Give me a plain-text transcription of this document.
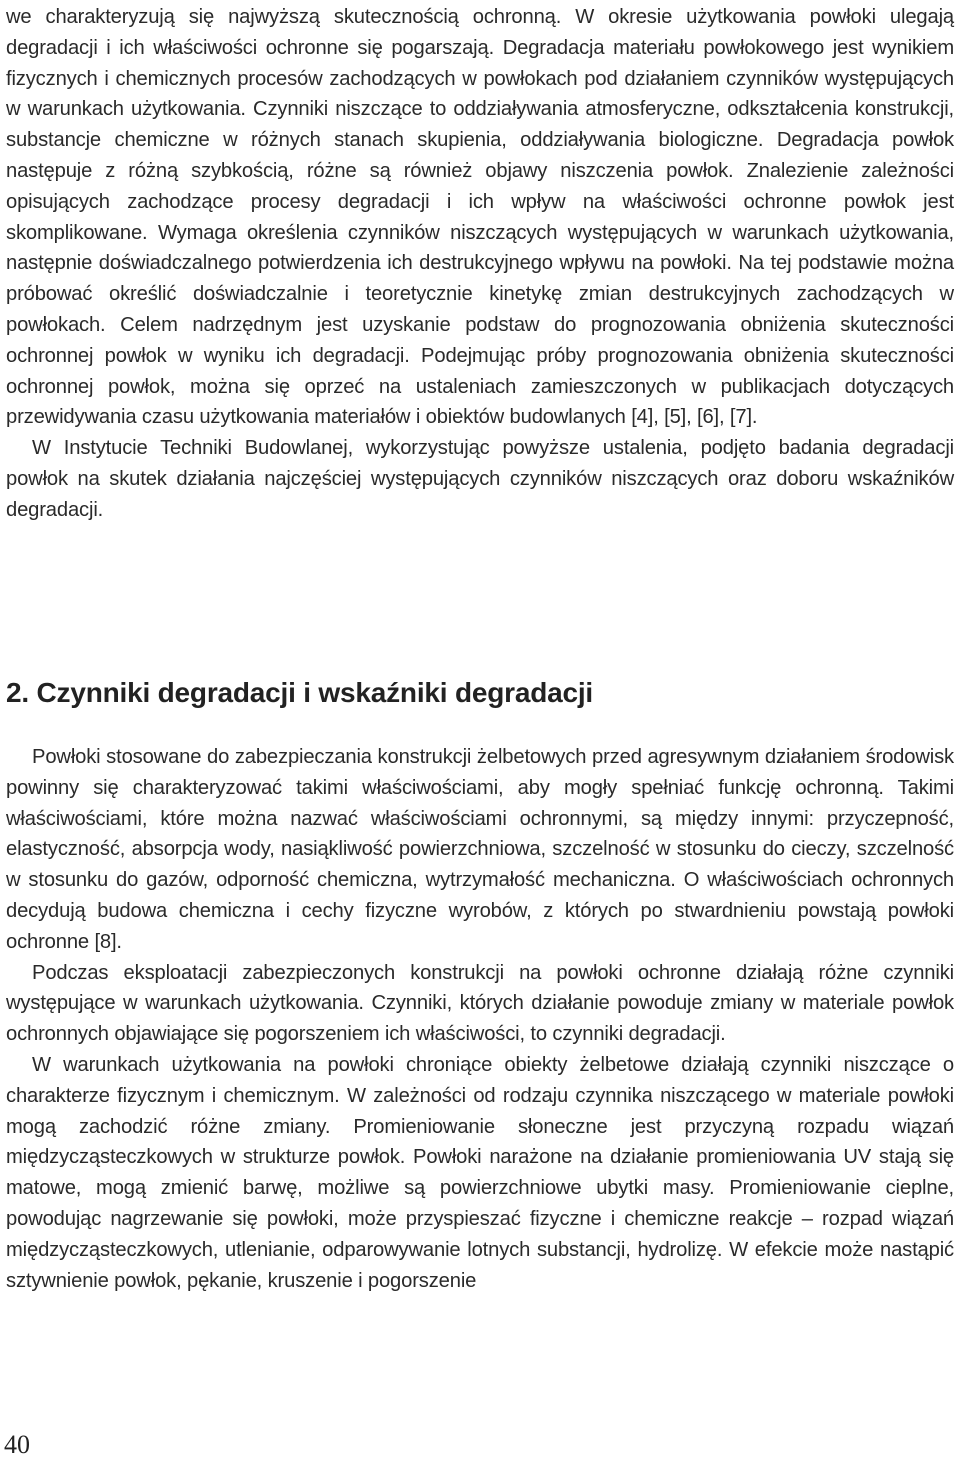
we charakteryzują się najwyższą skutecznością ochronną. W okresie użytkowania powłoki ulegają degradacji i ich właściwości ochronne się pogarszają. Degradacja materiału powłokowego jest wynikiem fizycznych i chemicznych procesów zachodzących w powłokach pod działaniem czynników występujących w warunkach użytkowania. Czynniki niszczące to oddziaływania atmosferyczne, odkształcenia konstrukcji, substancje chemiczne w różnych stanach skupienia, oddziaływania biologiczne. Degradacja powłok następuje z różną szybkością, różne są również objawy niszczenia powłok. Znalezienie zależności opisujących zachodzące procesy degradacji i ich wpływ na właściwości ochronne powłok jest skomplikowane. Wymaga określenia czynników niszczących występujących w warunkach użytkowania, następnie doświadczalnego potwierdzenia ich destrukcyjnego wpływu na powłoki. Na tej podstawie można próbować określić doświadczalnie i teoretycznie kinetykę zmian destrukcyjnych zachodzących w powłokach. Celem nadrzędnym jest uzyskanie podstaw do prognozowania obniżenia skuteczności ochronnej powłok w wyniku ich degradacji. Podejmując próby prognozowania obniżenia skuteczności ochronnej powłok, można się oprzeć na ustaleniach zamieszczonych w publikacjach dotyczących przewidywania czasu użytkowania materiałów i obiektów budowlanych [4], [5], [6], [7].

W Instytucie Techniki Budowlanej, wykorzystując powyższe ustalenia, podjęto badania degradacji powłok na skutek działania najczęściej występujących czynników niszczących oraz doboru wskaźników degradacji.

2. Czynniki degradacji i wskaźniki degradacji

Powłoki stosowane do zabezpieczania konstrukcji żelbetowych przed agresywnym działaniem środowisk powinny się charakteryzować takimi właściwościami, aby mogły spełniać funkcję ochronną. Takimi właściwościami, które można nazwać właściwościami ochronnymi, są między innymi: przyczepność, elastyczność, absorpcja wody, nasiąkliwość powierzchniowa, szczelność w stosunku do cieczy, szczelność w stosunku do gazów, odporność chemiczna, wytrzymałość mechaniczna. O właściwościach ochronnych decydują budowa chemiczna i cechy fizyczne wyrobów, z których po stwardnieniu powstają powłoki ochronne [8].

Podczas eksploatacji zabezpieczonych konstrukcji na powłoki ochronne działają różne czynniki występujące w warunkach użytkowania. Czynniki, których działanie powoduje zmiany w materiale powłok ochronnych objawiające się pogorszeniem ich właściwości, to czynniki degradacji.

W warunkach użytkowania na powłoki chroniące obiekty żelbetowe działają czynniki niszczące o charakterze fizycznym i chemicznym. W zależności od rodzaju czynnika niszczącego w materiale powłoki mogą zachodzić różne zmiany. Promieniowanie słoneczne jest przyczyną rozpadu wiązań międzycząsteczkowych w strukturze powłok. Powłoki narażone na działanie promieniowania UV stają się matowe, mogą zmienić barwę, możliwe są powierzchniowe ubytki masy. Promieniowanie cieplne, powodując nagrzewanie się powłoki, może przyspieszać fizyczne i chemiczne reakcje – rozpad wiązań międzycząsteczkowych, utlenianie, odparowywanie lotnych substancji, hydrolizę. W efekcie może nastąpić sztywnienie powłok, pękanie, kruszenie i pogorszenie

40
